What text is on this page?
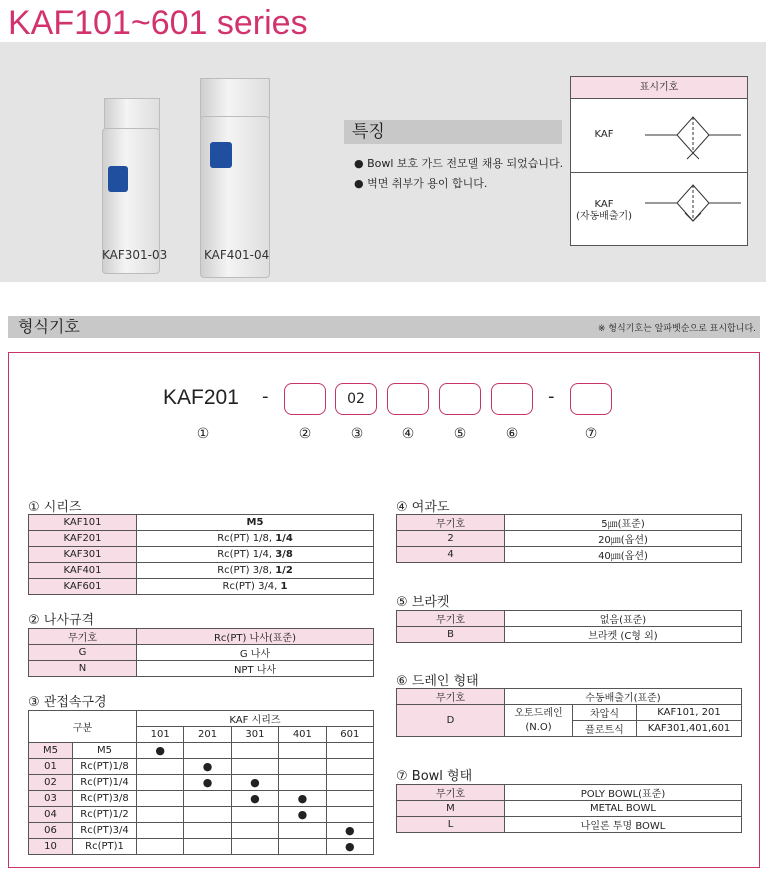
KAF101~601 series
KAF301-03	KAF401-04
특징
● Bowl 보호 가드 전모델 채용 되었습니다.
● 벽면 취부가 용이 합니다.
표시기호
KAF
KAF
(자동배출기)
형식기호	※ 형식기호는 알파벳순으로 표시합니다.
KAF201 -	02	-
①	②	③	④	⑤	⑥	⑦
① 시리즈
KAF101	M5
KAF201	Rc(PT) 1/8, 1/4
KAF301	Rc(PT) 1/4, 3/8
KAF401	Rc(PT) 3/8, 1/2
KAF601	Rc(PT) 3/4, 1
② 나사규격
무기호	Rc(PT) 나사(표준)
G	G 나사
N	NPT 나사
③ 관접속구경
구분		KAF 시리즈				
		101	201	301	401	601
M5	M5	●				
01	Rc(PT)1/8		●			
02	Rc(PT)1/4		●	●		
03	Rc(PT)3/8			●	●	
04	Rc(PT)1/2				●	
06	Rc(PT)3/4					●
10	Rc(PT)1					●
④ 여과도
무기호	5㎛(표준)
2	20㎛(옵션)
4	40㎛(옵션)
⑤ 브라켓
무기호	없음(표준)
B	브라켓 (C형 외)
⑥ 드레인 형태
무기호	수동배출기(표준)		
D	오토드레인
(N.O)	차압식	KAF101, 201
		플로트식	KAF301,401,601
⑦ Bowl 형태
무기호	POLY BOWL(표준)
M	METAL BOWL
L	나일론 투명 BOWL
